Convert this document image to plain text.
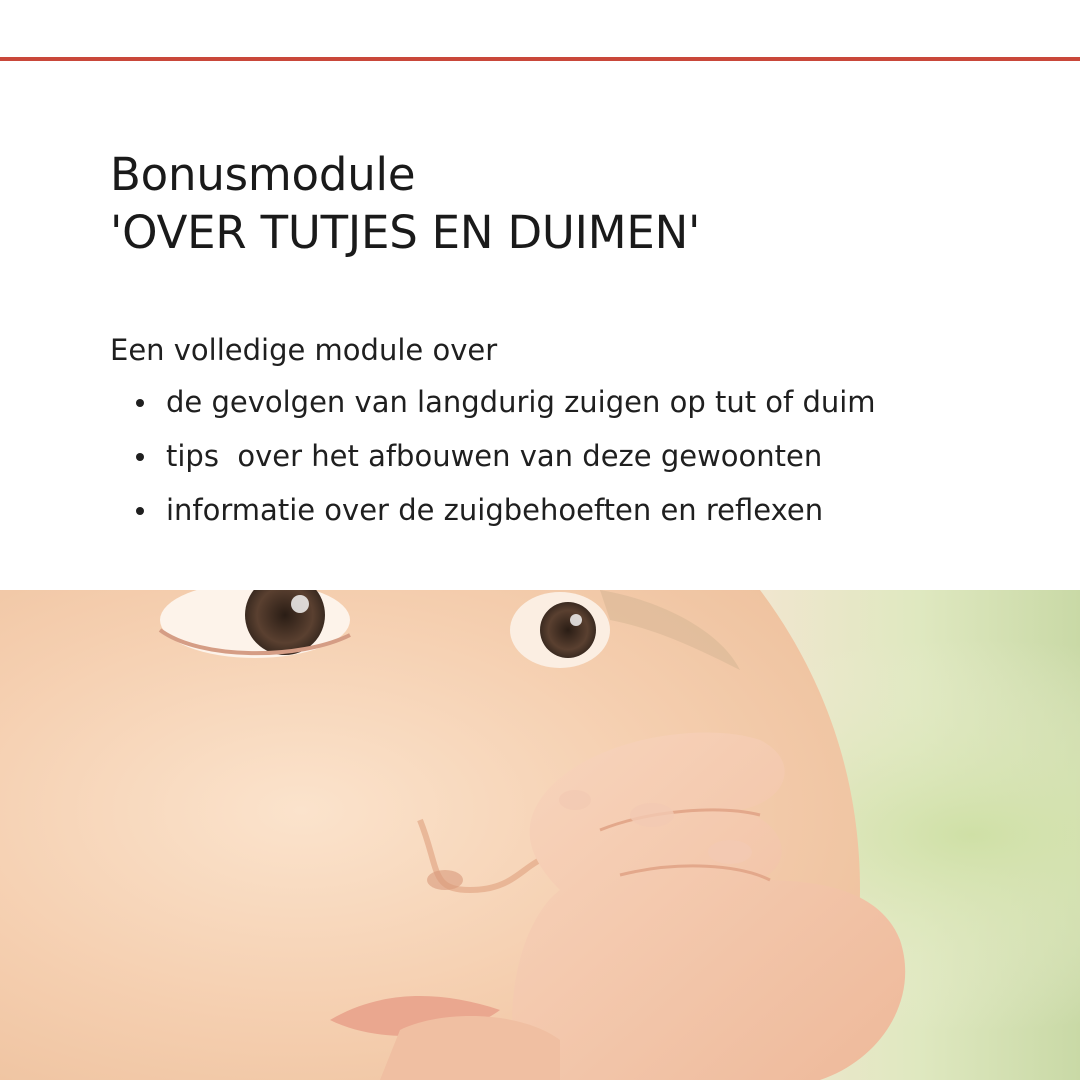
Bonusmodule
'OVER TUTJES EN DUIMEN'
Een volledige module over
de gevolgen van langdurig zuigen op tut of duim
tips  over het afbouwen van deze gewoonten
informatie over de zuigbehoeften en reflexen
